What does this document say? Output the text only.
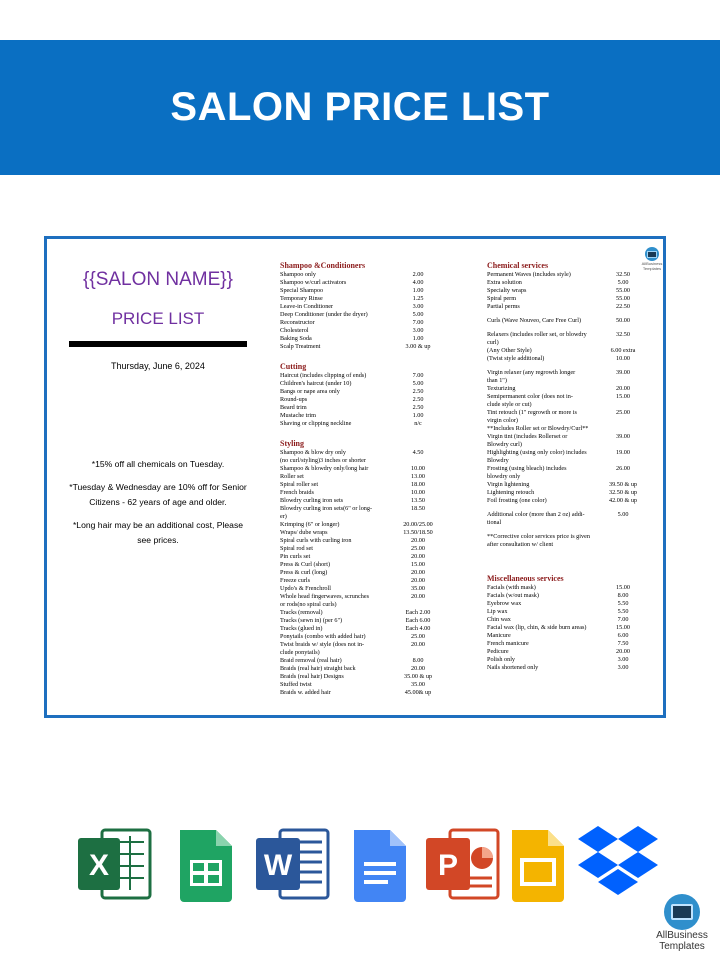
SALON PRICE LIST
{{SALON NAME}}
PRICE LIST
Thursday, June 6, 2024

*15% off all chemicals on Tuesday.

*Tuesday & Wednesday are 10% off for Senior Citizens - 62 years of age and older.

*Long hair may be an additional cost, Please see prices.

Shampoo &Conditioners
Shampoo only	2.00
Shampoo w/curl activators	4.00
Special Shampoo	1.00
Temporary Rinse	1.25
Leave-in Conditioner	3.00
Deep Conditioner (under the dryer)	5.00
Reconstructor	7.00
Cholesterol	3.00
Baking Soda	1.00
Scalp Treatment	3.00 & up
Cutting
Haircut (includes clipping of ends)	7.00
Children's haircut (under 10)	5.00
Bangs or nape area only	2.50
Round-ups	2.50
Beard trim	2.50
Mustache trim	1.00
Shaving or clipping neckline	n/c
Styling
Shampoo & blow dry only	4.50
(no curl/styling)3 inches or shorter
Shampoo & blowdry only/long hair	10.00
Roller set	13.00
Spiral roller set	18.00
French braids	10.00
Blowdry curling iron sets	13.50
Blowdry curling iron sets(6" or long-	18.50
er)
Krimping (6" or longer)	20.00/25.00
Wraps/ dube wraps	13.50/18.50
Spiral curls with curling iron	20.00
Spiral rod set	25.00
Pin curls set	20.00
Press & Curl (short)	15.00
Press & curl (long)	20.00
Freeze curls	20.00
Updo's & Frenchroll	35.00
Whole head fingerwaves, scrunches	20.00
or rods(no spiral curls)
Tracks (removal)	Each 2.00
Tracks (sewn in) (per 6")	Each 6.00
Tracks (glued in)	Each 4.00
Ponytails (combo with added hair)	25.00
Twist braids w/ style (does not in-	20.00
clude ponytails)
Braid removal (real hair)	8.00
Braids (real hair) straight back	20.00
Braids (real hair) Designs	35.00 & up
Stuffed twist	35.00
Braids w. added hair	45.00& up
Chemical services
Permanent Waves (includes style)	32.50
Extra solution	5.00
Specialty wraps	55.00
Spiral perm	55.00
Partial perms	22.50
Curls (Wave Nouveo, Care Free Curl)	50.00
Relaxers (includes roller set, or blowdry	32.50
curl)
(Any Other Style)	6.00 extra
(Twist style additional)	10.00
Virgin relaxer (any regrowth longer	39.00
than 1")
Texturizing	20.00
Semipermanent color (does not in-	15.00
clude style or cut)
Tint retouch (1" regrowth or more is	25.00
virgin color)
**Includes Roller set or Blowdry/Curl**
Virgin tint (includes Rollerset or	39.00
Blowdry curl)
Highlighting (using only color) includes	19.00
Blowdry
Frosting (using bleach) includes	26.00
blowdry only
Virgin lightening	39.50 & up
Lightening retouch	32.50 & up
Foil frosting (one color)	42.00 & up
Additional color (more than 2 oz) addi-	5.00
tional
**Corrective color services price is given
after consultation w/ client
Miscellaneous services
Facials (with mask)	15.00
Facials (w/out mask)	8.00
Eyebrow wax	5.50
Lip wax	5.50
Chin wax	7.00
Facial wax (lip, chin, & side burn areas)	15.00
Manicure	6.00
French manicure	7.50
Pedicure	20.00
Polish only	3.00
Nails shortened only	3.00
AllBusiness
Templates
X	W	P
AllBusiness
Templates
